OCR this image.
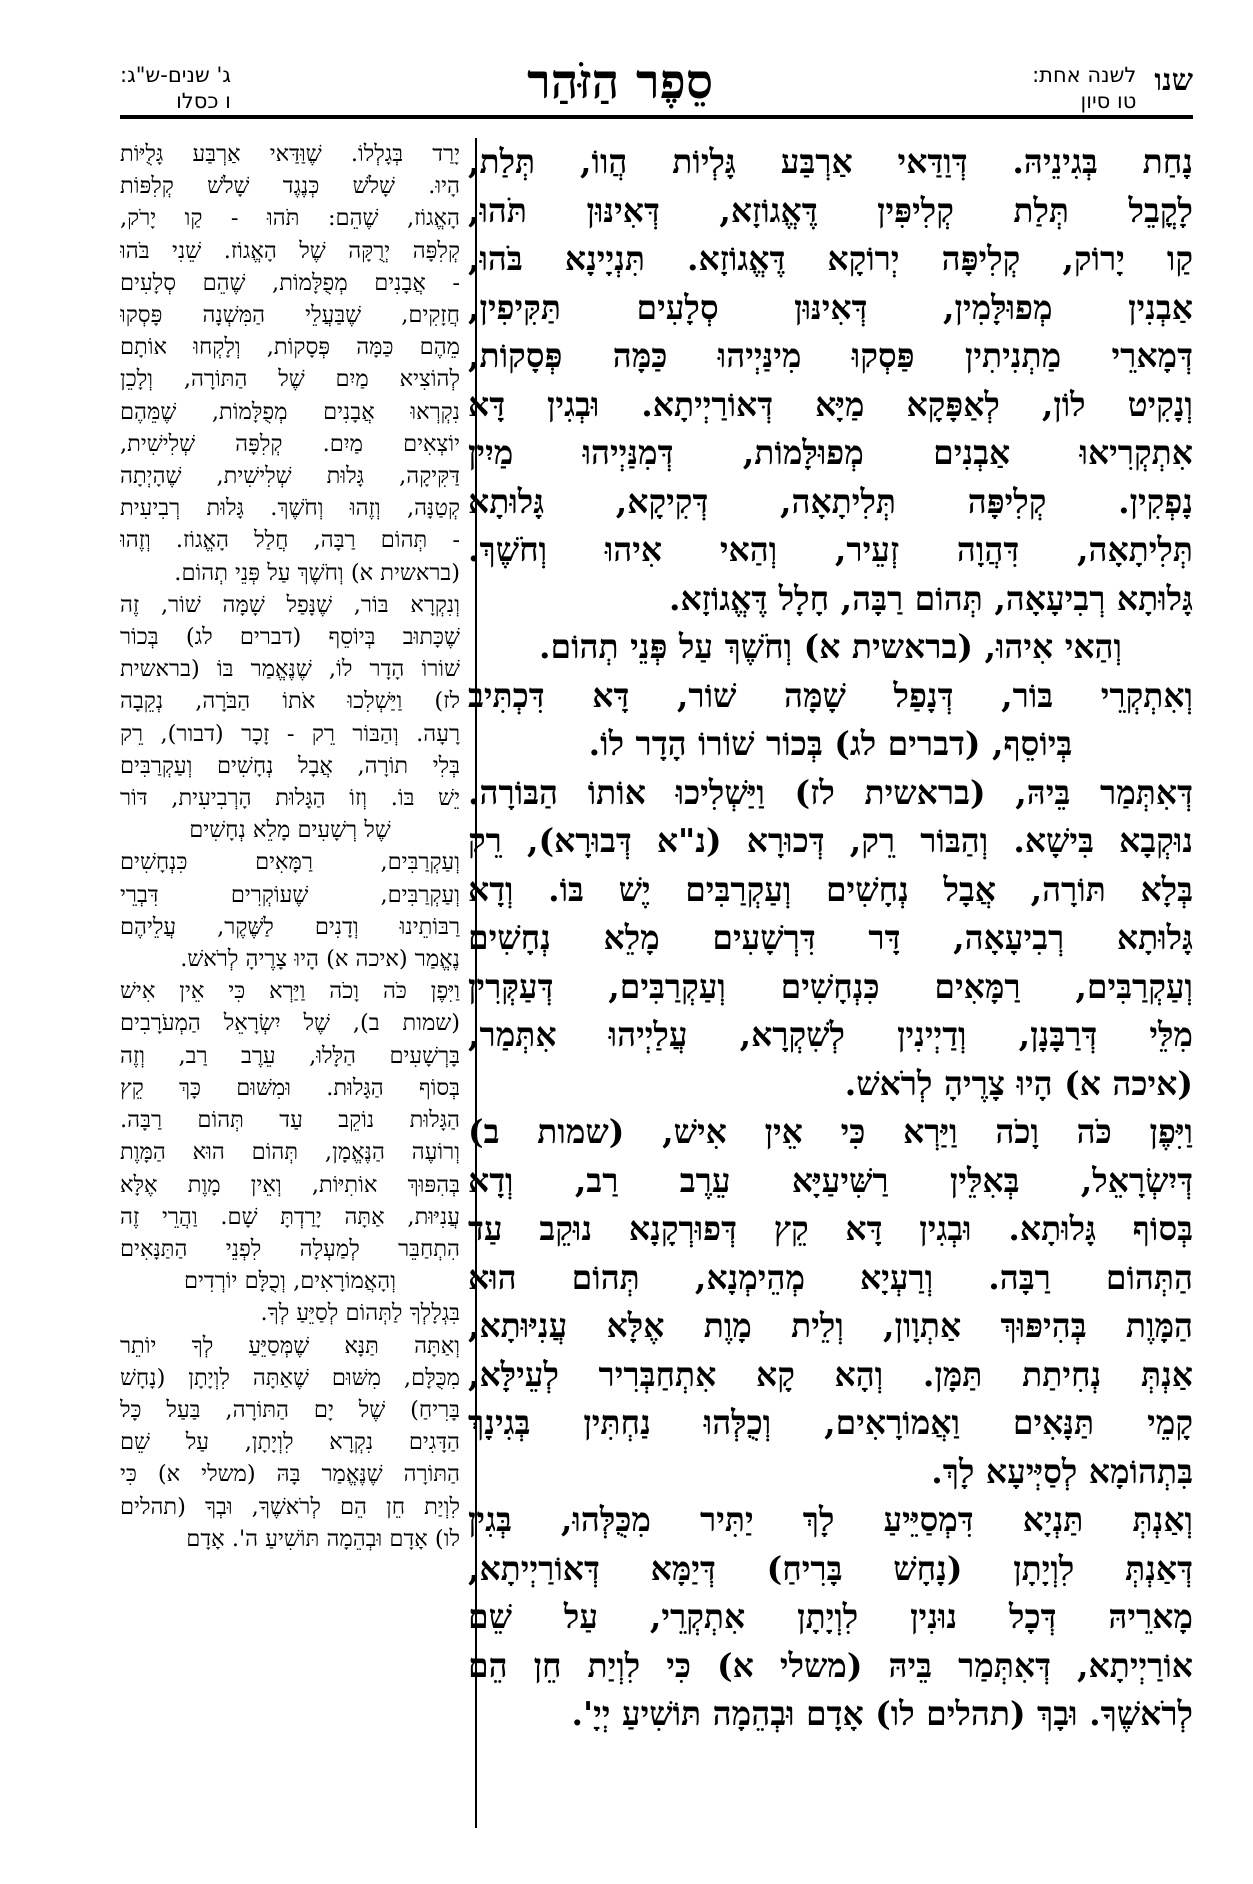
שנו
לשנה אחת:
טו סיון
סֵפֶר הַזֹּהַר
ג' שנים-ש"ג:
ו כסלו
נָחַת בְּגִינֵיהּ. דְּוַדַּאי אַרְבַּע גָּלְיוֹת הֲווֹ, תְּלַת,
לָקֳבֵל תְּלַת קְלִיפִּין דֶּאֱגוֹזָא, דְּאִינּוּן תֹּהוּ,
קַו יָרוֹק, קְלִיפָּה יְרוֹקָא דֶּאֱגוֹזָא. תִּנְיָינָא בֹּהוּ,
אַבְנִין מְפוּלָּמִין, דְּאִינּוּן סְלָעִים תַּקִּיפִין,
דְּמָארֵי מַתְנִיתִין פַּסְקוּ מִינַּיְיהוּ כַּמָּה פְּסָקוֹת,
וְנָקִיט לוֹן, לְאַפָּקָא מַיָּא דְּאוֹרַיְיתָא. וּבְגִין דָּא
אִתְקְרִיאוּ אַבְנִים מְפוּלָּמוֹת, דְּמִנַּיְיהוּ מַיִין
נָפְקִין. קְלִיפָּה תְּלִיתָאָה, דְּקִיקָא, גָּלוּתָא
תְּלִיתָאָה, דִּהֲוָה זְעֵיר, וְהַאי אִיהוּ וְחֹשֶׁךְ.
גָּלוּתָא רְבִיעָאָה, תְּהוֹם רַבָּה, חָלָל דֶּאֱגוֹזָא.
וְהַאי אִיהוּ, (בראשית א) וְחֹשֶׁךְ עַל פְּנֵי תְהוֹם.
וְאִתְקְרֵי בּוֹר, דְּנָפַל שָׁמָּה שׁוֹר, דָּא דִּכְתִּיב
בְּיוֹסֵף, (דברים לג) בְּכוֹר שׁוֹרוֹ הָדָר לוֹ.
דְּאִתְּמַר בֵּיהּ, (בראשית לז) וַיַּשְׁלִיכוּ אוֹתוֹ הַבּוֹרָה.
נוּקְבָא בִּישָׁא. וְהַבּוֹר רֵק, דְּכוּרָא (נ"א דְּבוּרָא), רֵק
בְּלָא תּוֹרָה, אֲבָל נְחָשִׁים וְעַקְרַבִּים יֶשׁ בּוֹ. וְדָא
גָּלוּתָא רְבִיעָאָה, דָּר דִּרְשָׁעִים מָלֵא נְחָשִׁים
וְעַקְרַבִּים, רַמָּאִים כִּנְחָשִׁים וְעַקְרַבִּים, דְּעַקְּרִין
מִלֵּי דְּרַבָּנָן, וְדַיְינִין לְשִׁקְרָא, עֲלַיְיהוּ אִתְּמַר,
(איכה א) הָיוּ צָרֶיהָ לְרֹאשׁ.
וַיִּפֶן כֹּה וָכֹה וַיַּרְא כִּי אֵין אִישׁ, (שמות ב)
דְּיִשְׂרָאֵל, בְּאִלֵּין רַשִּׁיעַיָּא עֵרֶב רַב, וְדָא
בְּסוֹף גָּלוּתָא. וּבְגִין דָּא קֵץ דְּפוּרְקָנָא נוּקֵב עַד
הַתְּהוֹם רַבָּה. וְרַעְיָא מְהֵימְנָא, תְּהוֹם הוּא
הַמָּוֶת בְּהִיפּוּךְ אַתְוָון, וְלֵית מָוֶת אֶלָּא עֲנִיּוּתָא,
אַנְתְּ נְחִיתַת תַּמָּן. וְהָא קָא אִתְחַבְּרִיר לְעֵילָּא,
קָמֵי תַּנָּאִים וַאֲמוֹרָאִים, וְכֻלְּהוּ נַחְתִּין בְּגִינָךְ
בִּתְהוֹמָא לְסַיְּיעָא לָךְ.
וְאַנְתְּ תַּנְיָא דִּמְסַיֵּיעַ לָךְ יַתִּיר מִכֻּלְּהוּ, בְּגִין
דְּאַנְתְּ לִוְיָתָן (נָחָשׁ בָּרִיחַ) דְּיַמָּא דְּאוֹרַיְיתָא,
מָארֵיהּ דְּכָל נוּנִין לִוְיָתָן אִתְקְרֵי, עַל שֵׁם
אוֹרַיְיתָא, דְּאִתְּמַר בֵּיהּ (משלי א) כִּי לִוְיַת חֵן הֵם
לְרֹאשֶׁךָ. וּבָךְ (תהלים לו) אָדָם וּבְהֵמָה תּוֹשִׁיעַ יְיָ'.
יָרַד בְּגָלְלוֹ. שֶׁוַּדַּאי אַרְבַּע גָּלֻיּוֹת
הָיוּ. שָׁלֹשׁ כְּנֶגֶד שָׁלֹשׁ קְלִפּוֹת
הָאֱגוֹז, שֶׁהֵם: תֹּהוּ - קַו יָרֹק,
קְלִפָּה יְרֻקָּה שֶׁל הָאֱגוֹז. שֵׁנִי בֹּהוּ
- אֲבָנִים מְפֻלָּמוֹת, שֶׁהֵם סְלָעִים
חֲזָקִים, שֶׁבַּעֲלֵי הַמִּשְׁנָה פָּסְקוּ
מֵהֶם כַּמָּה פְּסָקוֹת, וְלָקְחוּ אוֹתָם
לְהוֹצִיא מַיִם שֶׁל הַתּוֹרָה, וְלָכֵן
נִקְרְאוּ אֲבָנִים מְפֻלָּמוֹת, שֶׁמֵּהֶם
יוֹצְאִים מַיִם. קְלִפָּה שְׁלִישִׁית,
דַּקִּיקָה, גָּלוּת שְׁלִישִׁית, שֶׁהָיְתָה
קְטַנָּה, וְזֶהוּ וְחֹשֶׁךְ. גָּלוּת רְבִיעִית
- תְּהוֹם רַבָּה, חֲלַל הָאֱגוֹז. וְזֶהוּ
(בראשית א) וְחֹשֶׁךְ עַל פְּנֵי תְהוֹם.
וְנִקְרָא בּוֹר, שֶׁנָּפַל שָׁמָּה שׁוֹר, זֶה
שֶׁכָּתוּב בְּיוֹסֵף (דברים לג) בְּכוֹר
שׁוֹרוֹ הָדָר לוֹ, שֶׁנֶּאֱמַר בּוֹ (בראשית
לז) וַיַּשְׁלִכוּ אֹתוֹ הַבֹּרָה, נְקֵבָה
רָעָה. וְהַבּוֹר רֵק - זָכָר (דבור), רֵק
בְּלִי תוֹרָה, אֲבָל נְחָשִׁים וְעַקְרַבִּים
יֵשׁ בּוֹ. וְזוֹ הַגָּלוּת הָרְבִיעִית, דּוֹר
שֶׁל רְשָׁעִים מָלֵא נְחָשִׁים
וְעַקְרַבִּים, רַמָּאִים כִּנְחָשִׁים
וְעַקְרַבִּים, שֶׁעוֹקְרִים דִּבְרֵי
רַבּוֹתֵינוּ וְדָנִים לַשֶּׁקֶר, עֲלֵיהֶם
נֶאֱמַר (איכה א) הָיוּ צָרֶיהָ לְרֹאשׁ.
וַיִּפֶן כֹּה וָכֹה וַיַּרְא כִּי אֵין אִישׁ
(שמות ב), שֶׁל יִשְׂרָאֵל הַמְעֹרָבִים
בָּרְשָׁעִים הַלָּלוּ, עֵרֶב רַב, וְזֶה
בְּסוֹף הַגָּלוּת. וּמִשּׁוּם כָּךְ קֵץ
הַגָּלוּת נוֹקֵב עַד תְּהוֹם רַבָּה.
וְרוֹעֶה הַנֶּאֱמָן, תְּהוֹם הוּא הַמָּוֶת
בְּהִפּוּךְ אוֹתִיּוֹת, וְאֵין מָוֶת אֶלָּא
עֲנִיּוּת, אַתָּה יָרַדְתָּ שָׁם. וַהֲרֵי זֶה
הִתְחַבֵּר לְמַעְלָה לִפְנֵי הַתַּנָּאִים
וְהָאֲמוֹרָאִים, וְכֻלָּם יוֹרְדִים
בִּגְלָלְךָ לַתְּהוֹם לְסַיֵּעַ לְךָ.
וְאַתָּה תַּנָּא שֶׁמְּסַיֵּעַ לְךָ יוֹתֵר
מִכֻּלָּם, מִשּׁוּם שֶׁאַתָּה לִוְיָתָן (נָחָשׁ
בָּרִיחַ) שֶׁל יָם הַתּוֹרָה, בַּעַל כָּל
הַדָּגִים נִקְרָא לִוְיָתָן, עַל שֵׁם
הַתּוֹרָה שֶׁנֶּאֱמַר בָּהּ (משלי א) כִּי
לִוְיַת חֵן הֵם לְרֹאשֶׁךָ, וּבְךָ (תהלים
לו) אָדָם וּבְהֵמָה תּוֹשִׁיעַ ה'. אָדָם
